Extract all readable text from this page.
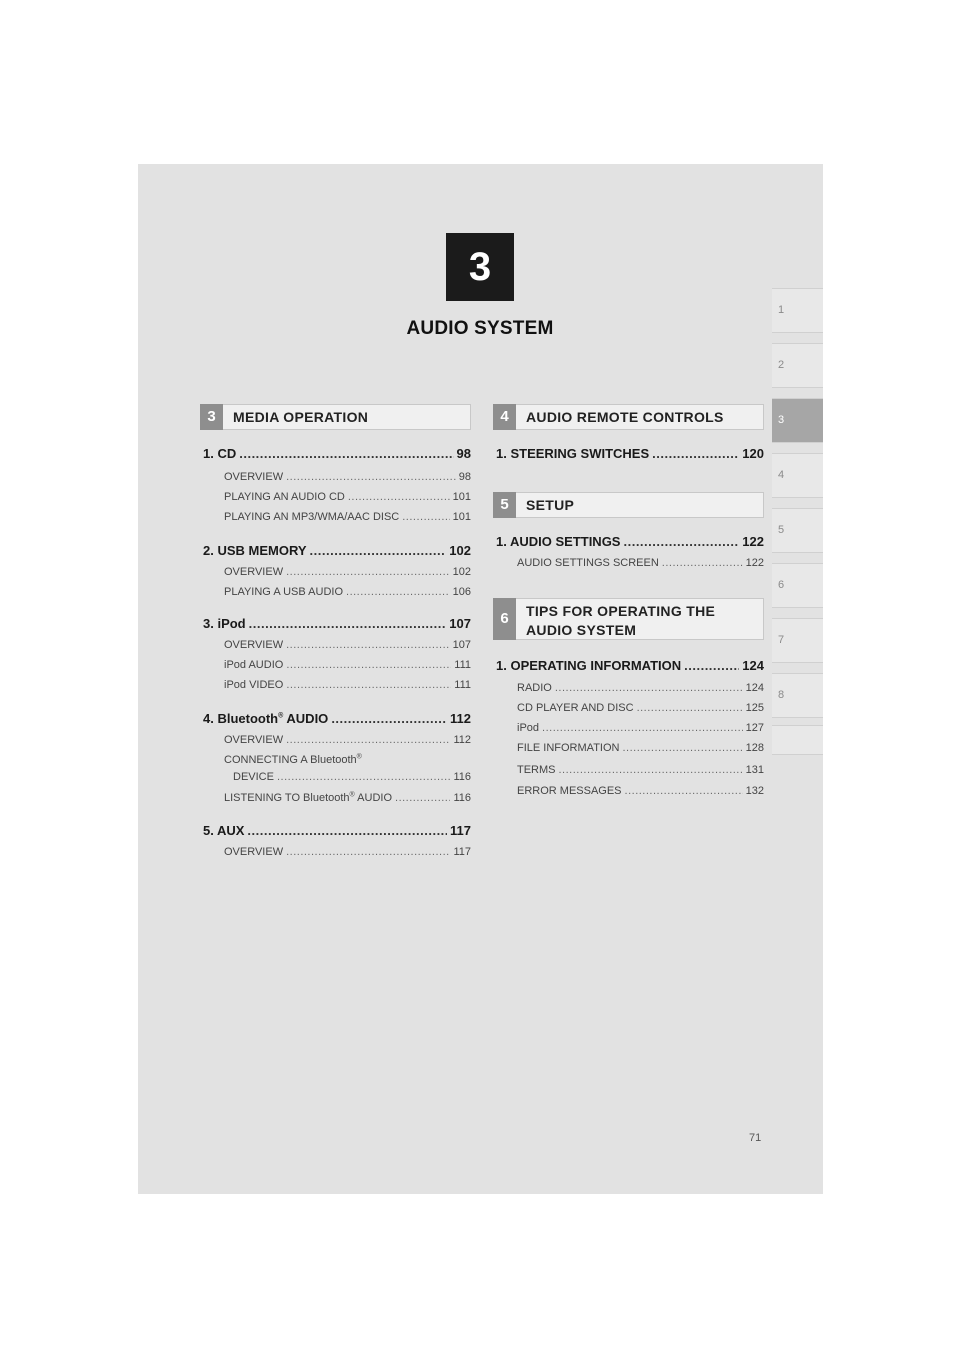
3
AUDIO SYSTEM
1
2
3
4
5
6
7
8
3	MEDIA OPERATION
1. CD .....	98
OVERVIEW .....	98
PLAYING AN AUDIO CD .....	101
PLAYING AN MP3/WMA/AAC DISC .....	101
2. USB MEMORY .....	102
OVERVIEW .....	102
PLAYING A USB AUDIO .....	106
3. iPod .....	107
OVERVIEW .....	107
iPod AUDIO .....	111
iPod VIDEO .....	111
4. Bluetooth® AUDIO .....	112
OVERVIEW .....	112
CONNECTING A Bluetooth®
DEVICE .....	116
LISTENING TO Bluetooth® AUDIO .....	116
5. AUX .....	117
OVERVIEW .....	117
4	AUDIO REMOTE CONTROLS
1. STEERING SWITCHES .....	120
5	SETUP
1. AUDIO SETTINGS .....	122
AUDIO SETTINGS SCREEN .....	122
6	TIPS FOR OPERATING THE
AUDIO SYSTEM
1. OPERATING INFORMATION .....	124
RADIO .....	124
CD PLAYER AND DISC .....	125
iPod .....	127
FILE INFORMATION .....	128
TERMS .....	131
ERROR MESSAGES .....	132
71
